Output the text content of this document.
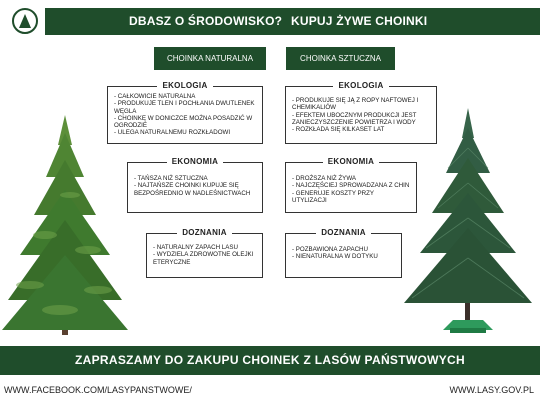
DBASZ O ŚRODOWISKO? KUPUJ ŻYWE CHOINKI
CHOINKA NATURALNA	CHOINKA SZTUCZNA
EKOLOGIA
- CAŁKOWICIE NATURALNA
- PRODUKUJE TLEN I POCHŁANIA DWUTLENEK WĘGLA
- CHOINKĘ W DONICZCE MOŻNA POSADZIĆ W OGRODZIE
- ULEGA NATURALNEMU ROZKŁADOWI
EKONOMIA
- TAŃSZA NIŻ SZTUCZNA
- NAJTAŃSZE CHOINKI KUPUJE SIĘ BEZPOŚREDNIO W NADLEŚNICTWACH
DOZNANIA
- NATURALNY ZAPACH LASU
- WYDZIELA ZDROWOTNE OLEJKI ETERYCZNE
EKOLOGIA
- PRODUKUJE SIĘ JĄ Z ROPY NAFTOWEJ I CHEMIKALIÓW
- EFEKTEM UBOCZNYM PRODUKCJI JEST ZANIECZYSZCZENIE POWIETRZA I WODY
- ROZKŁADA SIĘ KILKASET LAT
EKONOMIA
- DROŻSZA NIŻ ŻYWA
- NAJCZĘŚCIEJ SPROWADZANA Z CHIN
- GENERUJE KOSZTY PRZY UTYLIZACJI
DOZNANIA
- POZBAWIONA ZAPACHU
- NIENATURALNA W DOTYKU
ZAPRASZAMY DO ZAKUPU CHOINEK Z LASÓW PAŃSTWOWYCH
WWW.FACEBOOK.COM/LASYPANSTWOWE/	WWW.LASY.GOV.PL
